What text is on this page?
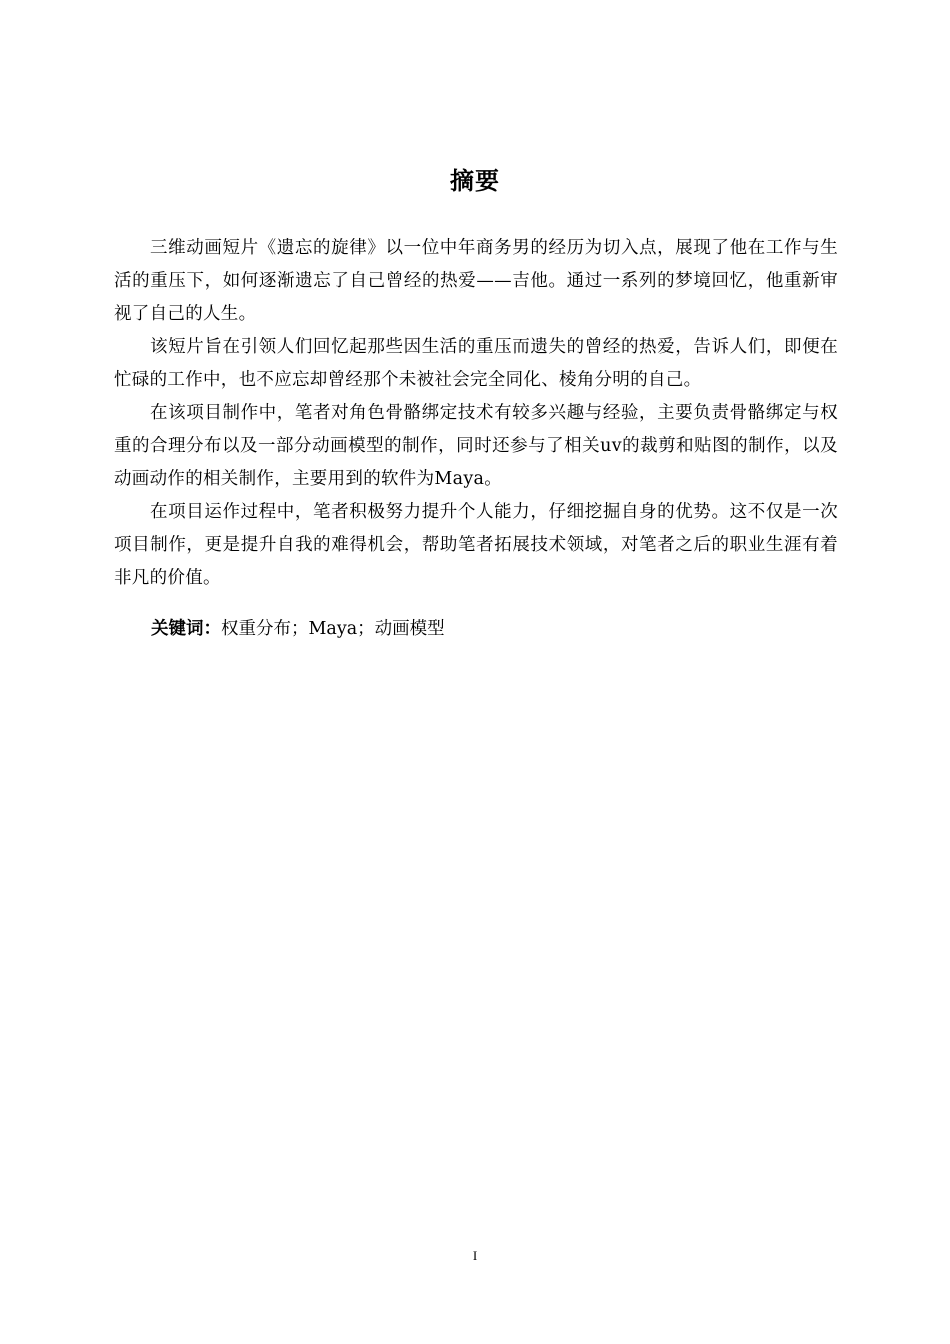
摘要

三维动画短片《遗忘的旋律》以一位中年商务男的经历为切入点，展现了他在工作与生活的重压下，如何逐渐遗忘了自己曾经的热爱——吉他。通过一系列的梦境回忆，他重新审视了自己的人生。

该短片旨在引领人们回忆起那些因生活的重压而遗失的曾经的热爱，告诉人们，即便在忙碌的工作中，也不应忘却曾经那个未被社会完全同化、棱角分明的自己。

在该项目制作中，笔者对角色骨骼绑定技术有较多兴趣与经验，主要负责骨骼绑定与权重的合理分布以及一部分动画模型的制作，同时还参与了相关uv的裁剪和贴图的制作，以及动画动作的相关制作，主要用到的软件为Maya。

在项目运作过程中，笔者积极努力提升个人能力，仔细挖掘自身的优势。这不仅是一次项目制作，更是提升自我的难得机会，帮助笔者拓展技术领域，对笔者之后的职业生涯有着非凡的价值。

关键词：权重分布；Maya；动画模型
I
